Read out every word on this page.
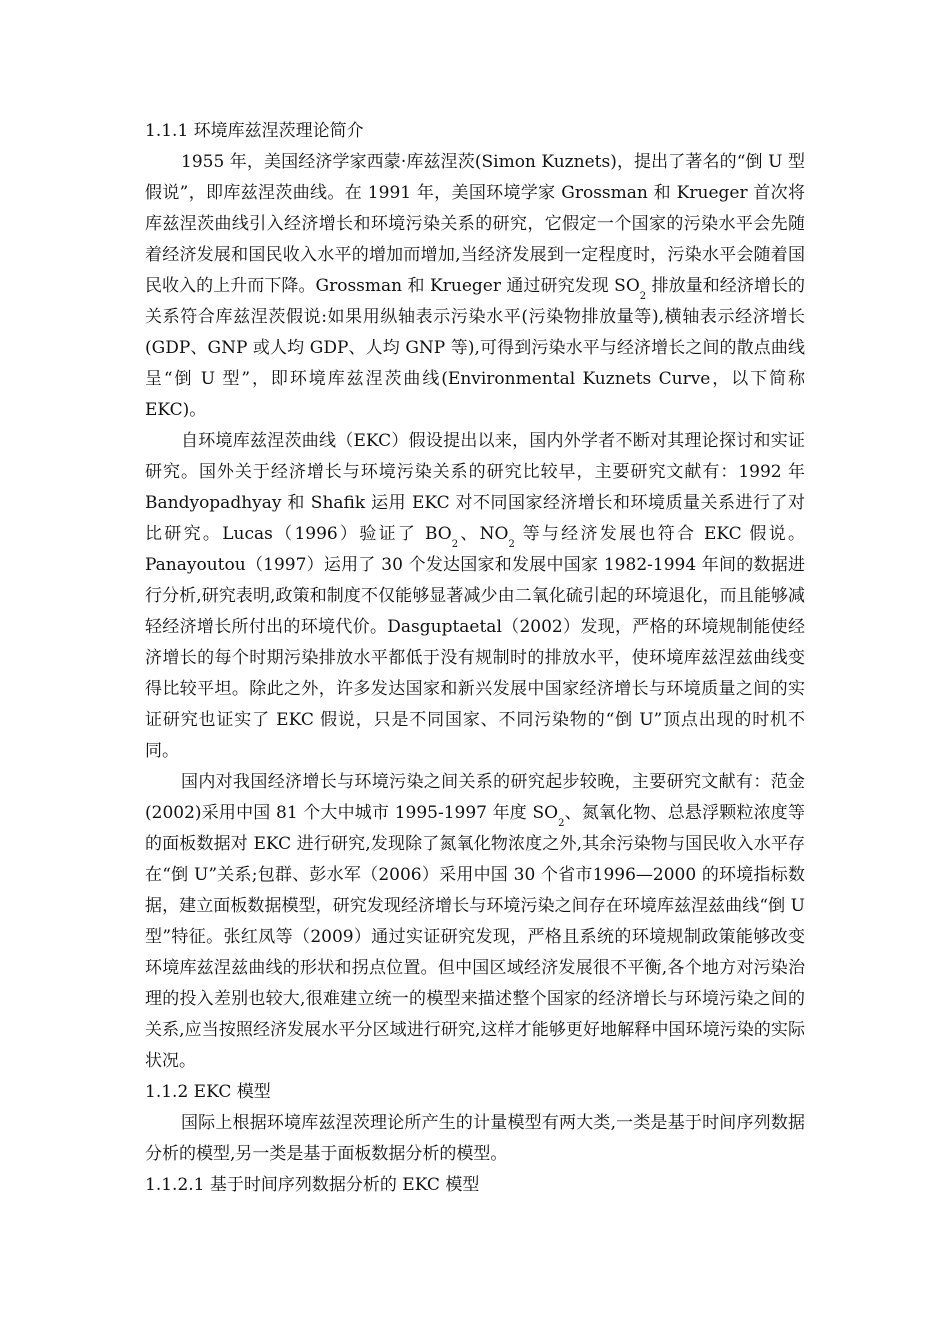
1.1.1 环境库兹涅茨理论简介

1955 年，美国经济学家西蒙·库兹涅茨(Simon Kuznets)，提出了著名的“倒 U 型假说”，即库兹涅茨曲线。在 1991 年，美国环境学家 Grossman 和 Krueger 首次将库兹涅茨曲线引入经济增长和环境污染关系的研究，它假定一个国家的污染水平会先随着经济发展和国民收入水平的增加而增加,当经济发展到一定程度时，污染水平会随着国民收入的上升而下降。Grossman 和 Krueger 通过研究发现 $SO_2$ 排放量和经济增长的关系符合库兹涅茨假说:如果用纵轴表示污染水平(污染物排放量等),横轴表示经济增长(GDP、GNP 或人均 GDP、人均 GNP 等),可得到污染水平与经济增长之间的散点曲线呈“倒 U 型”，即环境库兹涅茨曲线(Environmental Kuznets Curve，以下简称EKC)。

自环境库兹涅茨曲线（EKC）假设提出以来，国内外学者不断对其理论探讨和实证研究。国外关于经济增长与环境污染关系的研究比较早，主要研究文献有：1992 年 Bandyopadhyay 和 Shafik 运用 EKC 对不同国家经济增长和环境质量关系进行了对比研究。Lucas（1996）验证了 $BO_2$、$NO_2$ 等与经济发展也符合 EKC 假说。Panayoutou（1997）运用了 30 个发达国家和发展中国家 1982-1994 年间的数据进行分析,研究表明,政策和制度不仅能够显著减少由二氧化硫引起的环境退化，而且能够减轻经济增长所付出的环境代价。Dasguptaetal（2002）发现，严格的环境规制能使经济增长的每个时期污染排放水平都低于没有规制时的排放水平，使环境库兹涅兹曲线变得比较平坦。除此之外，许多发达国家和新兴发展中国家经济增长与环境质量之间的实证研究也证实了 EKC 假说，只是不同国家、不同污染物的“倒 U”顶点出现的时机不同。

国内对我国经济增长与环境污染之间关系的研究起步较晚，主要研究文献有：范金(2002)采用中国 81 个大中城市 1995-1997 年度 $SO_2$、氮氧化物、总悬浮颗粒浓度等的面板数据对 EKC 进行研究,发现除了氮氧化物浓度之外,其余污染物与国民收入水平存在“倒 U”关系;包群、彭水军（2006）采用中国 30 个省市1996—2000 的环境指标数据，建立面板数据模型，研究发现经济增长与环境污染之间存在环境库兹涅兹曲线“倒 U 型”特征。张红凤等（2009）通过实证研究发现，严格且系统的环境规制政策能够改变环境库兹涅兹曲线的形状和拐点位置。但中国区域经济发展很不平衡,各个地方对污染治理的投入差别也较大,很难建立统一的模型来描述整个国家的经济增长与环境污染之间的关系,应当按照经济发展水平分区域进行研究,这样才能够更好地解释中国环境污染的实际状况。

1.1.2 EKC 模型

国际上根据环境库兹涅茨理论所产生的计量模型有两大类,一类是基于时间序列数据分析的模型,另一类是基于面板数据分析的模型。

1.1.2.1 基于时间序列数据分析的 EKC 模型
